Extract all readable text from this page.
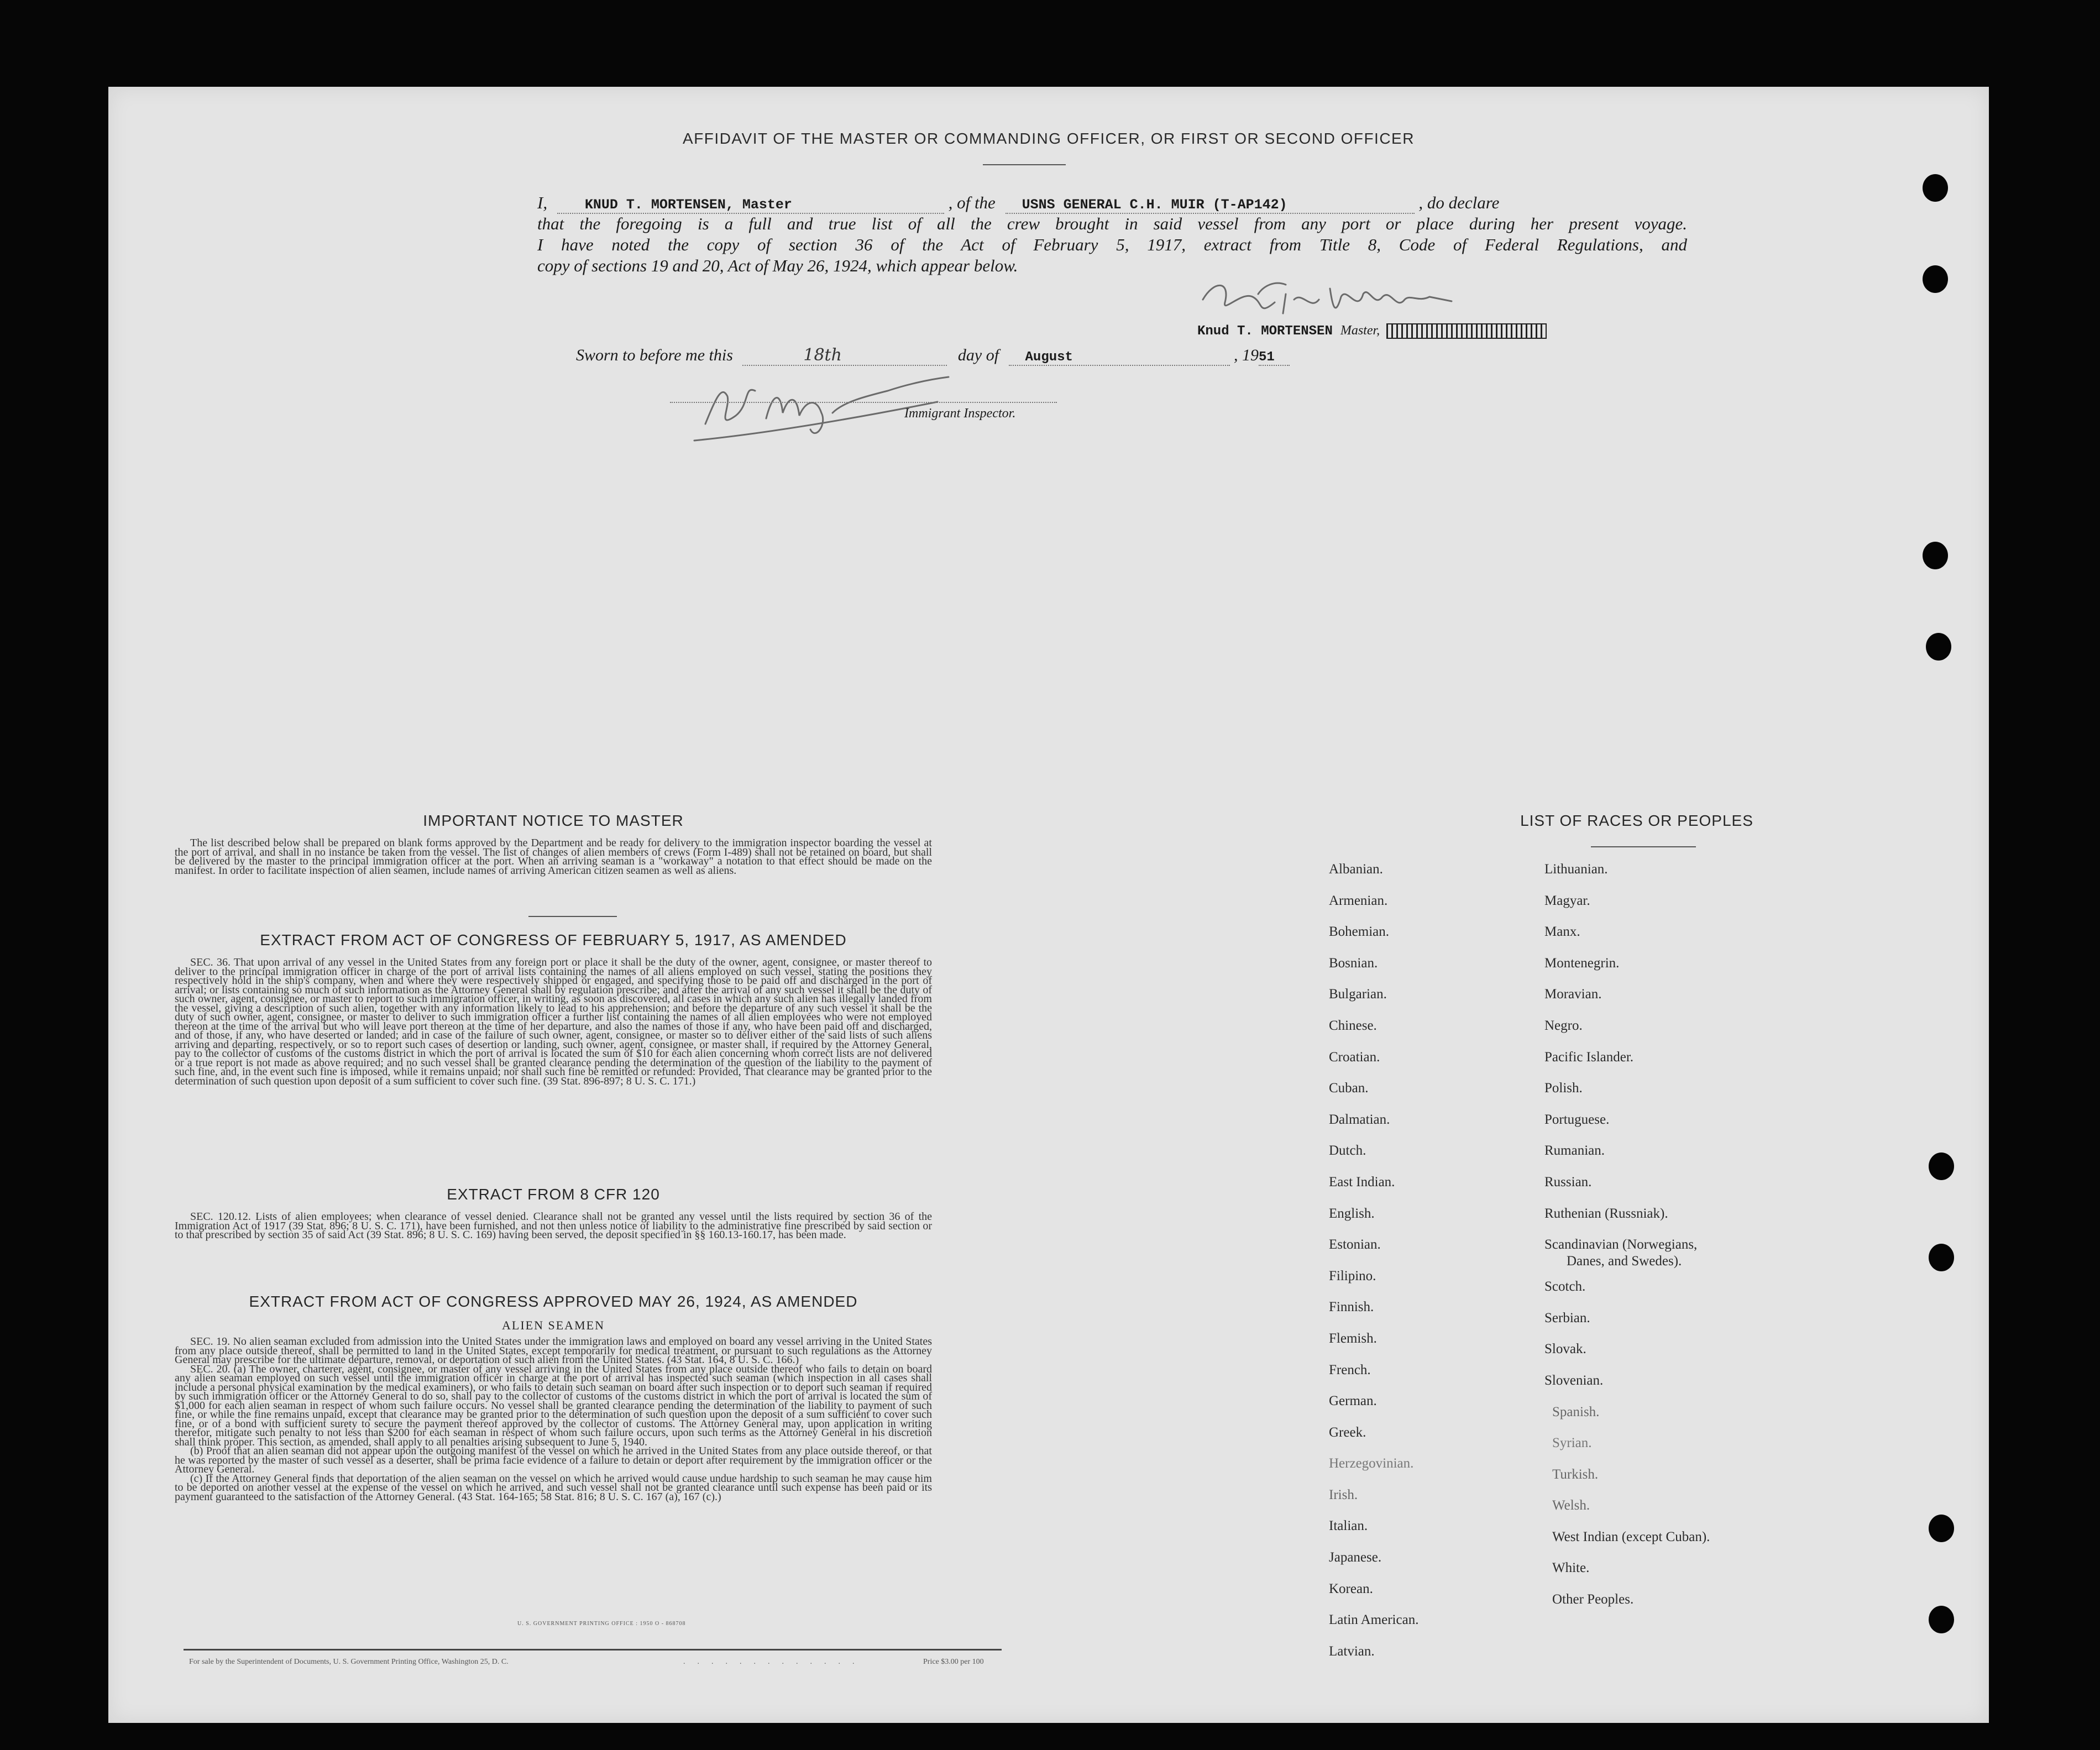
AFFIDAVIT OF THE MASTER OR COMMANDING OFFICER, OR FIRST OR SECOND OFFICER
I,	KNUD T. MORTENSEN, Master	, of the USNS GENERAL C.H. MUIR (T-AP142)	, do declare
that the foregoing is a full and true list of all the crew brought in said vessel from any port or place during her present voyage.
I have noted the copy of section 36 of the Act of February 5, 1917, extract from Title 8, Code of Federal Regulations, and
copy of sections 19 and 20, Act of May 26, 1924, which appear below.
Knud T. MORTENSEN Master,
Sworn to before me this	18th	day of August	, 1951
Immigrant Inspector.
IMPORTANT NOTICE TO MASTER

The list described below shall be prepared on blank forms approved by the Department and be ready for delivery to the immigration inspector boarding the vessel at the port of arrival, and shall in no instance be taken from the vessel. The list of changes of alien members of crews (Form I-489) shall not be retained on board, but shall be delivered by the master to the principal immigration officer at the port. When an arriving seaman is a "workaway" a notation to that effect should be made on the manifest. In order to facilitate inspection of alien seamen, include names of arriving American citizen seamen as well as aliens.

EXTRACT FROM ACT OF CONGRESS OF FEBRUARY 5, 1917, AS AMENDED

SEC. 36. That upon arrival of any vessel in the United States from any foreign port or place it shall be the duty of the owner, agent, consignee, or master thereof to deliver to the principal immigration officer in charge of the port of arrival lists containing the names of all aliens employed on such vessel, stating the positions they respectively hold in the ship's company, when and where they were respectively shipped or engaged, and specifying those to be paid off and discharged in the port of arrival; or lists containing so much of such information as the Attorney General shall by regulation prescribe; and after the arrival of any such vessel it shall be the duty of such owner, agent, consignee, or master to report to such immigration officer, in writing, as soon as discovered, all cases in which any such alien has illegally landed from the vessel, giving a description of such alien, together with any information likely to lead to his apprehension; and before the departure of any such vessel it shall be the duty of such owner, agent, consignee, or master to deliver to such immigration officer a further list containing the names of all alien employees who were not employed thereon at the time of the arrival but who will leave port thereon at the time of her departure, and also the names of those if any, who have been paid off and discharged, and of those, if any, who have deserted or landed; and in case of the failure of such owner, agent, consignee, or master so to deliver either of the said lists of such aliens arriving and departing, respectively, or so to report such cases of desertion or landing, such owner, agent, consignee, or master shall, if required by the Attorney General, pay to the collector of customs of the customs district in which the port of arrival is located the sum of $10 for each alien concerning whom correct lists are not delivered or a true report is not made as above required; and no such vessel shall be granted clearance pending the determination of the question of the liability to the payment of such fine, and, in the event such fine is imposed, while it remains unpaid; nor shall such fine be remitted or refunded: Provided, That clearance may be granted prior to the determination of such question upon deposit of a sum sufficient to cover such fine. (39 Stat. 896-897; 8 U. S. C. 171.)

EXTRACT FROM 8 CFR 120

SEC. 120.12. Lists of alien employees; when clearance of vessel denied. Clearance shall not be granted any vessel until the lists required by section 36 of the Immigration Act of 1917 (39 Stat. 896; 8 U. S. C. 171), have been furnished, and not then unless notice of liability to the administrative fine prescribed by said section or to that prescribed by section 35 of said Act (39 Stat. 896; 8 U. S. C. 169) having been served, the deposit specified in §§ 160.13-160.17, has been made.

EXTRACT FROM ACT OF CONGRESS APPROVED MAY 26, 1924, AS AMENDED
ALIEN SEAMEN

SEC. 19. No alien seaman excluded from admission into the United States under the immigration laws and employed on board any vessel arriving in the United States from any place outside thereof, shall be permitted to land in the United States, except temporarily for medical treatment, or pursuant to such regulations as the Attorney General may prescribe for the ultimate departure, removal, or deportation of such alien from the United States. (43 Stat. 164, 8 U. S. C. 166.)

SEC. 20. (a) The owner, charterer, agent, consignee, or master of any vessel arriving in the United States from any place outside thereof who fails to detain on board any alien seaman employed on such vessel until the immigration officer in charge at the port of arrival has inspected such seaman (which inspection in all cases shall include a personal physical examination by the medical examiners), or who fails to detain such seaman on board after such inspection or to deport such seaman if required by such immigration officer or the Attorney General to do so, shall pay to the collector of customs of the customs district in which the port of arrival is located the sum of $1,000 for each alien seaman in respect of whom such failure occurs. No vessel shall be granted clearance pending the determination of the liability to payment of such fine, or while the fine remains unpaid, except that clearance may be granted prior to the determination of such question upon the deposit of a sum sufficient to cover such fine, or of a bond with sufficient surety to secure the payment thereof approved by the collector of customs. The Attorney General may, upon application in writing therefor, mitigate such penalty to not less than $200 for each seaman in respect of whom such failure occurs, upon such terms as the Attorney General in his discretion shall think proper. This section, as amended, shall apply to all penalties arising subsequent to June 5, 1940.

(b) Proof that an alien seaman did not appear upon the outgoing manifest of the vessel on which he arrived in the United States from any place outside thereof, or that he was reported by the master of such vessel as a deserter, shall be prima facie evidence of a failure to detain or deport after requirement by the immigration officer or the Attorney General.

(c) If the Attorney General finds that deportation of the alien seaman on the vessel on which he arrived would cause undue hardship to such seaman he may cause him to be deported on another vessel at the expense of the vessel on which he arrived, and such vessel shall not be granted clearance until such expense has been paid or its payment guaranteed to the satisfaction of the Attorney General. (43 Stat. 164-165; 58 Stat. 816; 8 U. S. C. 167 (a), 167 (c).)

U. S. GOVERNMENT PRINTING OFFICE : 1950 O - 868708
For sale by the Superintendent of Documents, U. S. Government Printing Office, Washington 25, D. C.	.............	Price $3.00 per 100
LIST OF RACES OR PEOPLES
Albanian.
Armenian.
Bohemian.
Bosnian.
Bulgarian.
Chinese.
Croatian.
Cuban.
Dalmatian.
Dutch.
East Indian.
English.
Estonian.
Filipino.
Finnish.
Flemish.
French.
German.
Greek.
Herzegovinian.
Irish.
Italian.
Japanese.
Korean.
Latin American.
Latvian.
Lithuanian.
Magyar.
Manx.
Montenegrin.
Moravian.
Negro.
Pacific Islander.
Polish.
Portuguese.
Rumanian.
Russian.
Ruthenian (Russniak).
Scandinavian (Norwegians,
Danes, and Swedes).
Scotch.
Serbian.
Slovak.
Slovenian.
Spanish.
Syrian.
Turkish.
Welsh.
West Indian (except Cuban).
White.
Other Peoples.
